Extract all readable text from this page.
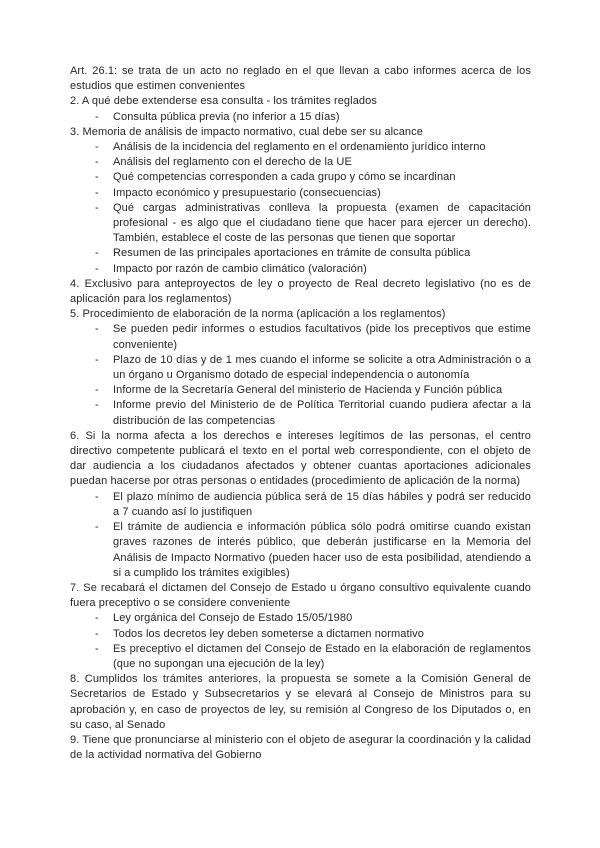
Art. 26.1: se trata de un acto no reglado en el que llevan a cabo informes acerca de los estudios que estimen convenientes

2. A qué debe extenderse esa consulta - los trámites reglados

-	Consulta pública previa (no inferior a 15 días)

3. Memoria de análisis de impacto normativo, cual debe ser su alcance

-	Análisis de la incidencia del reglamento en el ordenamiento jurídico interno
-	Análisis del reglamento con el derecho de la UE
-	Qué competencias corresponden a cada grupo y cómo se incardinan
-	Impacto económico y presupuestario (consecuencias)
-	Qué cargas administrativas conlleva la propuesta (examen de capacitación profesional - es algo que el ciudadano tiene que hacer para ejercer un derecho). También, establece el coste de las personas que tienen que soportar
-	Resumen de las principales aportaciones en trámite de consulta pública
-	Impacto por razón de cambio climático (valoración)

4. Exclusivo para anteproyectos de ley o proyecto de Real decreto legislativo (no es de aplicación para los reglamentos)

5. Procedimiento de elaboración de la norma (aplicación a los reglamentos)

-	Se pueden pedir informes o estudios facultativos (pide los preceptivos que estime conveniente)
-	Plazo de 10 días y de 1 mes cuando el informe se solicite a otra Administración o a un órgano u Organismo dotado de especial independencia o autonomía
-	Informe de la Secretaría General del ministerio de Hacienda y Función pública
-	Informe previo del Ministerio de de Política Territorial cuando pudiera afectar a la distribución de las competencias

6. Si la norma afecta a los derechos e intereses legítimos de las personas, el centro directivo competente publicará el texto en el portal web correspondiente, con el objeto de dar audiencia a los ciudadanos afectados y obtener cuantas aportaciones adicionales puedan hacerse por otras personas o entidades (procedimiento de aplicación de la norma)

-	El plazo mínimo de audiencia pública será de 15 días hábiles y podrá ser reducido a 7 cuando así lo justifiquen
-	El trámite de audiencia e información pública sólo podrá omitirse cuando existan graves razones de interés público, que deberán justificarse en la Memoria del Análisis de Impacto Normativo (pueden hacer uso de esta posibilidad, atendiendo a si a cumplido los trámites exigibles)

7. Se recabará el dictamen del Consejo de Estado u órgano consultivo equivalente cuando fuera preceptivo o se considere conveniente

-	Ley orgánica del Consejo de Estado 15/05/1980
-	Todos los decretos ley deben someterse a dictamen normativo
-	Es preceptivo el dictamen del Consejo de Estado en la elaboración de reglamentos (que no supongan una ejecución de la ley)

8. Cumplidos los trámites anteriores, la propuesta se somete a la Comisión General de Secretarios de Estado y Subsecretarios y se elevará al Consejo de Ministros para su aprobación y, en caso de proyectos de ley, su remisión al Congreso de los Diputados o, en su caso, al Senado

9. Tiene que pronunciarse al ministerio con el objeto de asegurar la coordinación y la calidad de la actividad normativa del Gobierno
